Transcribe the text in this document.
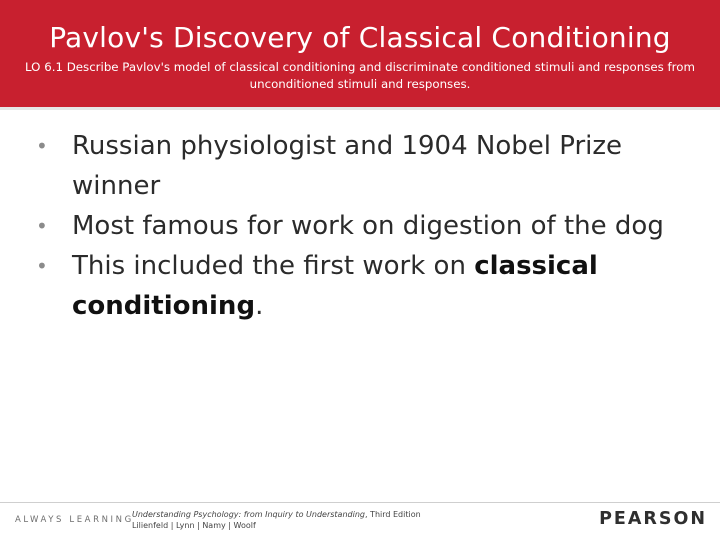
Pavlov's Discovery of Classical Conditioning
LO 6.1 Describe Pavlov's model of classical conditioning and discriminate conditioned stimuli and responses from unconditioned stimuli and responses.
• Russian physiologist and 1904 Nobel Prize winner
• Most famous for work on digestion of the dog
• This included the first work on classical conditioning.
ALWAYS LEARNING
Understanding Psychology: from Inquiry to Understanding, Third Edition
Lilienfeld | Lynn | Namy | Woolf	PEARSON
